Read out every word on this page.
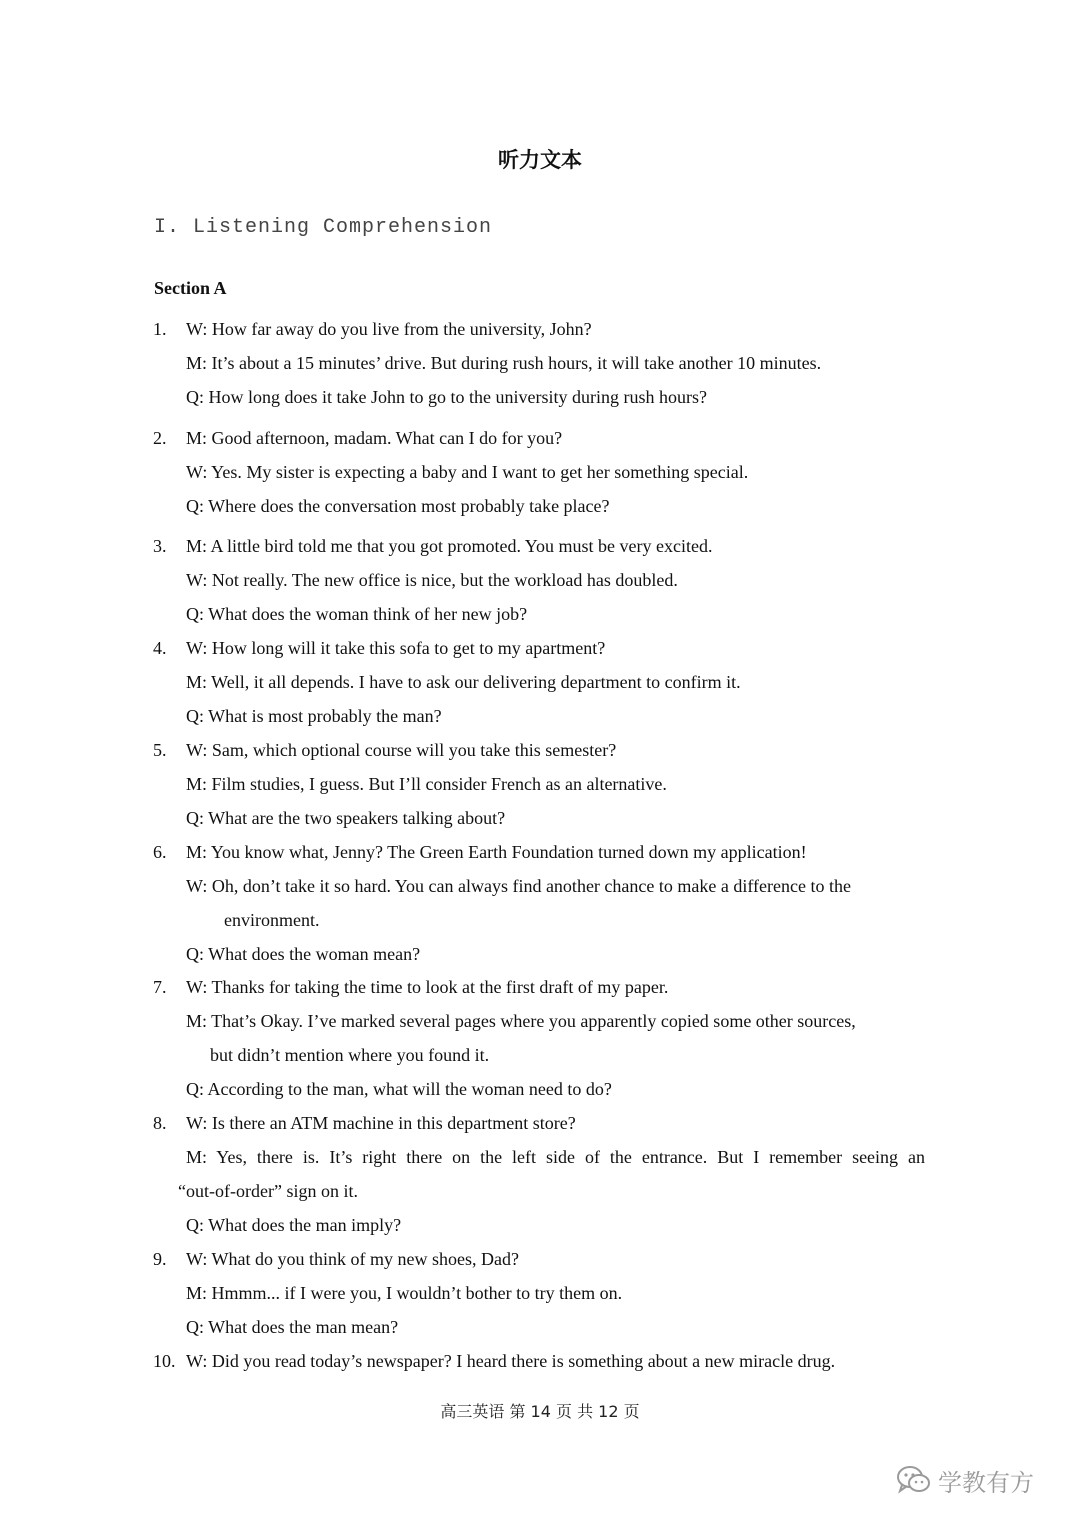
听力文本
I. Listening Comprehension
Section A
1.	W: How far away do you live from the university, John?
M: It’s about a 15 minutes’ drive. But during rush hours, it will take another 10 minutes.
Q: How long does it take John to go to the university during rush hours?
2.	M: Good afternoon, madam. What can I do for you?
W: Yes. My sister is expecting a baby and I want to get her something special.
Q: Where does the conversation most probably take place?
3.	M: A little bird told me that you got promoted. You must be very excited.
W: Not really. The new office is nice, but the workload has doubled.
Q: What does the woman think of her new job?
4.	W: How long will it take this sofa to get to my apartment?
M: Well, it all depends. I have to ask our delivering department to confirm it.
Q: What is most probably the man?
5.	W: Sam, which optional course will you take this semester?
M: Film studies, I guess. But I’ll consider French as an alternative.
Q: What are the two speakers talking about?
6.	M: You know what, Jenny? The Green Earth Foundation turned down my application!
W: Oh, don’t take it so hard. You can always find another chance to make a difference to the
environment.
Q: What does the woman mean?
7.	W: Thanks for taking the time to look at the first draft of my paper.
M: That’s Okay. I’ve marked several pages where you apparently copied some other sources,
but didn’t mention where you found it.
Q: According to the man, what will the woman need to do?
8.	W: Is there an ATM machine in this department store?
M: Yes, there is. It’s right there on the left side of the entrance. But I remember seeing an
“out-of-order” sign on it.
Q: What does the man imply?
9.	W: What do you think of my new shoes, Dad?
M: Hmmm... if I were you, I wouldn’t bother to try them on.
Q: What does the man mean?
10. W: Did you read today’s newspaper? I heard there is something about a new miracle drug.
高三英语 第 14 页 共 12 页
学教有方
